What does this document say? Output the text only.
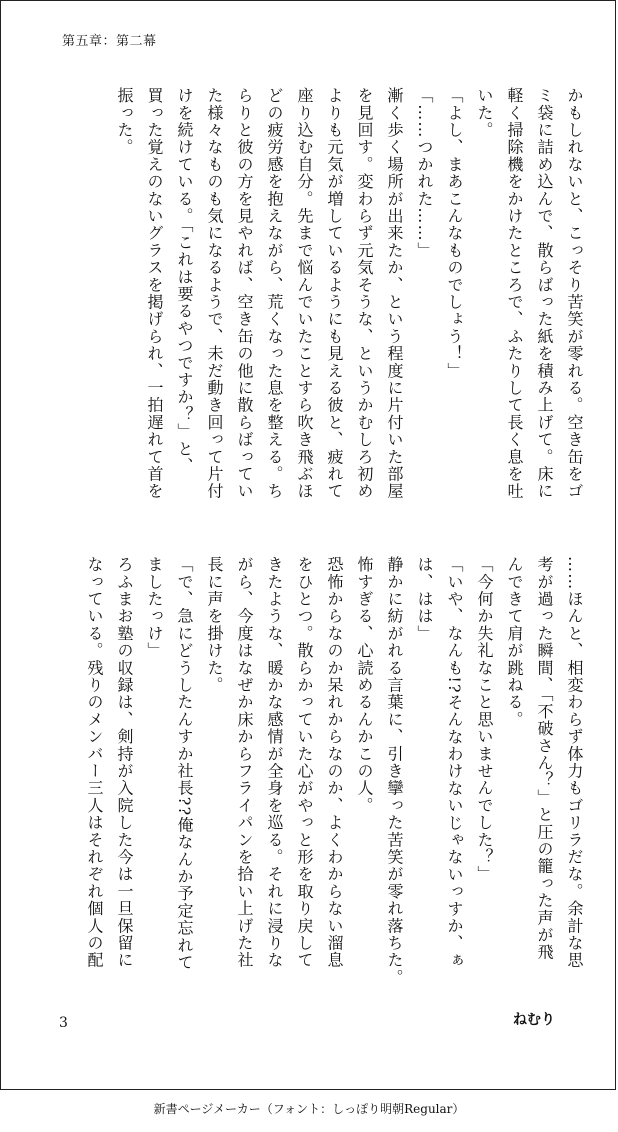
第五章：第二幕
かもしれないと、こっそり苦笑が零れる。空き缶をゴ
ミ袋に詰め込んで、散らばった紙を積み上げて。床に
軽く掃除機をかけたところで、ふたりして長く息を吐
いた。
「よし、まあこんなものでしょう！」
「……つかれた……」
漸く歩く場所が出来たか、という程度に片付いた部屋
を見回す。変わらず元気そうな、というかむしろ初め
よりも元気が増しているようにも見える彼と、疲れて
座り込む自分。先まで悩んでいたことすら吹き飛ぶほ
どの疲労感を抱えながら、荒くなった息を整える。ち
らりと彼の方を見やれば、空き缶の他に散らばってい
た様々なものも気になるようで、未だ動き回って片付
けを続けている。「これは要るやつですか？」と、
買った覚えのないグラスを掲げられ、一拍遅れて首を
振った。
……ほんと、相変わらず体力もゴリラだな。余計な思
考が過った瞬間、「不破さん？」と圧の籠った声が飛
んできて肩が跳ねる。
「今何か失礼なこと思いませんでした？」
「いや、なんも!?そんなわけないじゃないっすか、ぁ
は、はは」
静かに紡がれる言葉に、引き攣った苦笑が零れ落ちた。
怖すぎる、心読めるんかこの人。
恐怖からなのか呆れからなのか、よくわからない溜息
をひとつ。散らかっていた心がやっと形を取り戻して
きたような、暖かな感情が全身を巡る。それに浸りな
がら、今度はなぜか床からフライパンを拾い上げた社
長に声を掛けた。
「で、急にどうしたんすか社長??俺なんか予定忘れて
ましたっけ」
ろふまお塾の収録は、剣持が入院した今は一旦保留に
なっている。残りのメンバー三人はそれぞれ個人の配
3	ねむり
新書ページメーカー（フォント：しっぽり明朝Regular）
